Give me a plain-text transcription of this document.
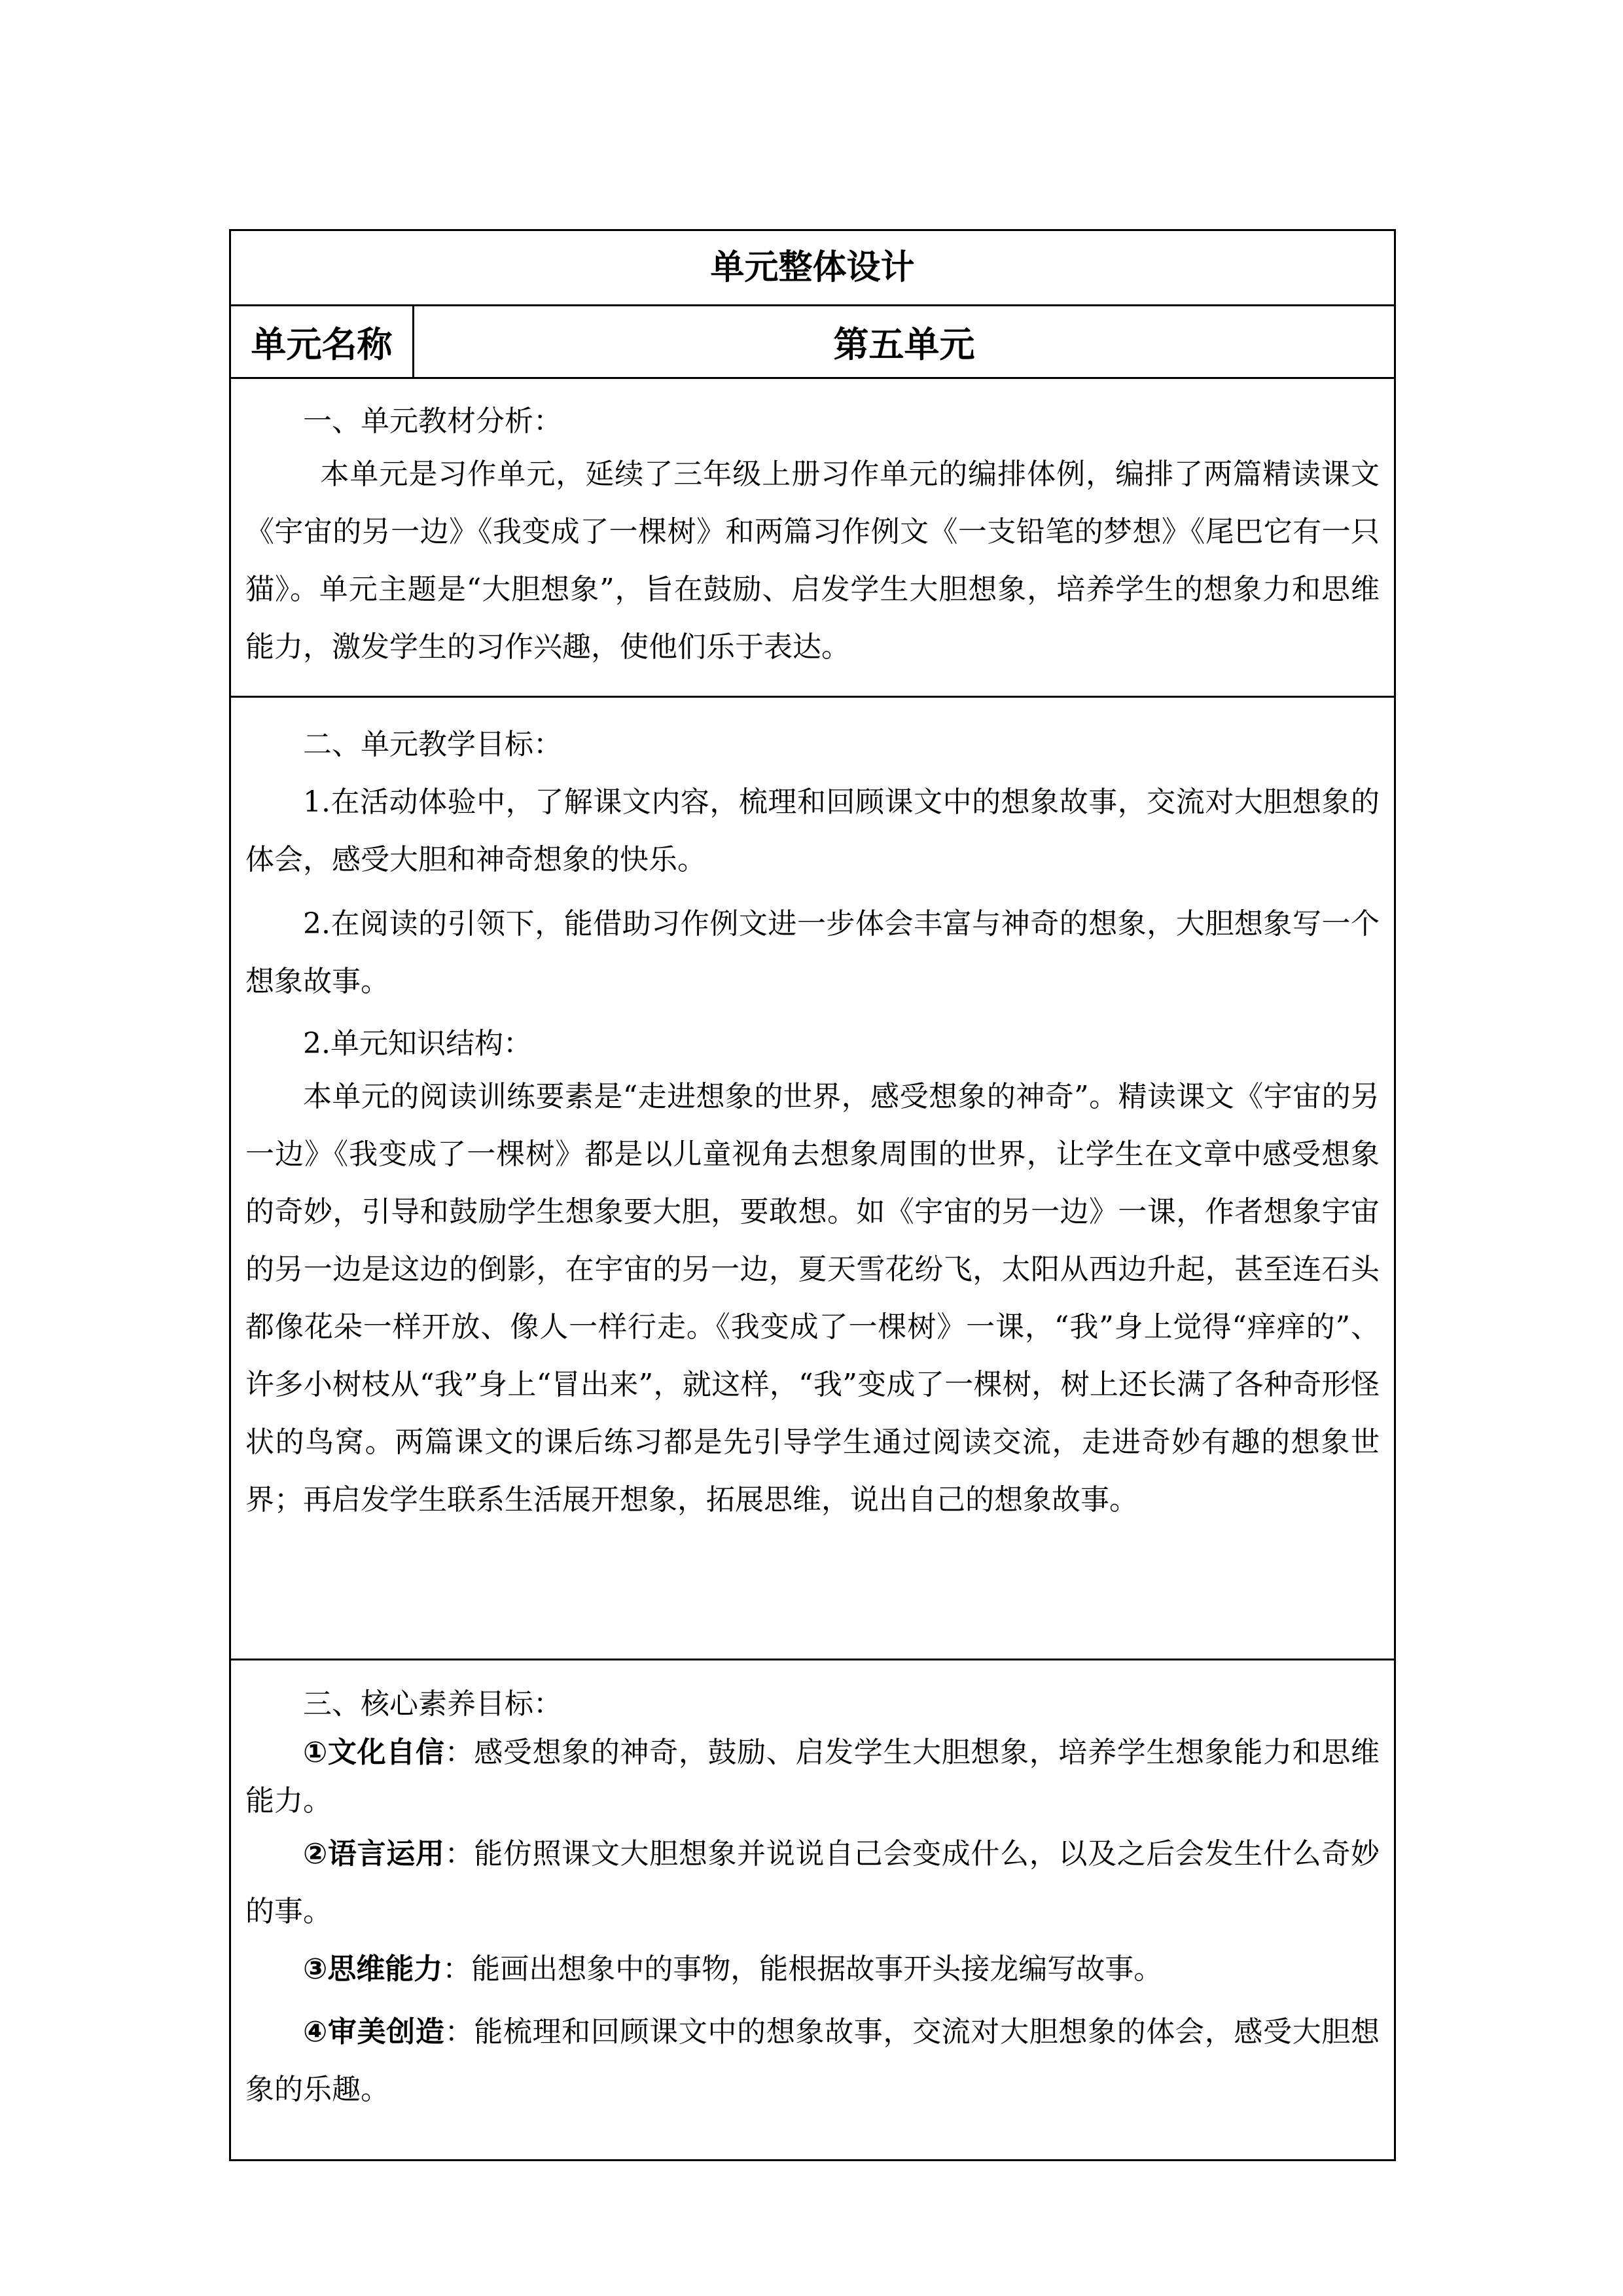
单元整体设计
单元名称	第五单元

一、单元教材分析：

本单元是习作单元，延续了三年级上册习作单元的编排体例，编排了两篇精读课文《宇宙的另一边》《我变成了一棵树》和两篇习作例文《一支铅笔的梦想》《尾巴它有一只猫》。单元主题是“大胆想象”，旨在鼓励、启发学生大胆想象，培养学生的想象力和思维能力，激发学生的习作兴趣，使他们乐于表达。

二、单元教学目标：

1.在活动体验中，了解课文内容，梳理和回顾课文中的想象故事，交流对大胆想象的体会，感受大胆和神奇想象的快乐。

2.在阅读的引领下，能借助习作例文进一步体会丰富与神奇的想象，大胆想象写一个想象故事。

2.单元知识结构：

本单元的阅读训练要素是“走进想象的世界，感受想象的神奇”。精读课文《宇宙的另一边》《我变成了一棵树》都是以儿童视角去想象周围的世界，让学生在文章中感受想象的奇妙，引导和鼓励学生想象要大胆，要敢想。如《宇宙的另一边》一课，作者想象宇宙的另一边是这边的倒影，在宇宙的另一边，夏天雪花纷飞，太阳从西边升起，甚至连石头都像花朵一样开放、像人一样行走。《我变成了一棵树》一课，“我”身上觉得“痒痒的”、许多小树枝从“我”身上“冒出来”，就这样，“我”变成了一棵树，树上还长满了各种奇形怪状的鸟窝。两篇课文的课后练习都是先引导学生通过阅读交流，走进奇妙有趣的想象世界；再启发学生联系生活展开想象，拓展思维，说出自己的想象故事。

三、核心素养目标：

①文化自信：感受想象的神奇，鼓励、启发学生大胆想象，培养学生想象能力和思维能力。

②语言运用：能仿照课文大胆想象并说说自己会变成什么，以及之后会发生什么奇妙的事。

③思维能力：能画出想象中的事物，能根据故事开头接龙编写故事。

④审美创造：能梳理和回顾课文中的想象故事，交流对大胆想象的体会，感受大胆想象的乐趣。
